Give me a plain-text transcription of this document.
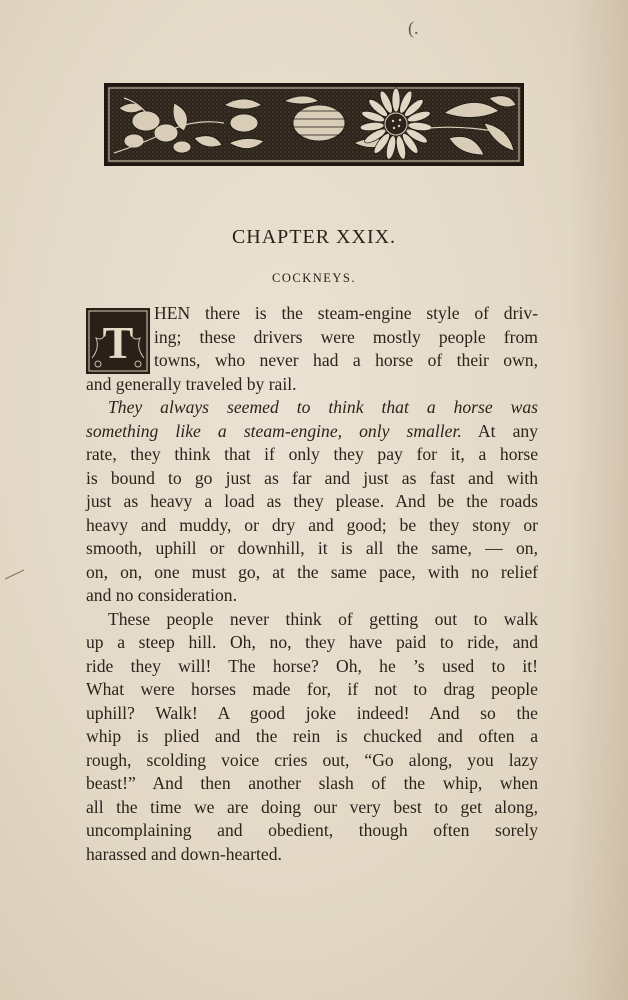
(.
CHAPTER XXIX.
COCKNEYS.
T
HEN there is the steam-engine style of driv-
ing; these drivers were mostly people from
towns, who never had a horse of their own,
and generally traveled by rail.
They always seemed to think that a horse was
something like a steam-engine, only smaller. At any
rate, they think that if only they pay for it, a horse
is bound to go just as far and just as fast and with
just as heavy a load as they please. And be the roads
heavy and muddy, or dry and good; be they stony or
smooth, uphill or downhill, it is all the same, — on,
on, on, one must go, at the same pace, with no relief
and no consideration.
These people never think of getting out to walk
up a steep hill. Oh, no, they have paid to ride, and
ride they will! The horse? Oh, he ’s used to it!
What were horses made for, if not to drag people
uphill? Walk! A good joke indeed! And so the
whip is plied and the rein is chucked and often a
rough, scolding voice cries out, “Go along, you lazy
beast!” And then another slash of the whip, when
all the time we are doing our very best to get along,
uncomplaining and obedient, though often sorely
harassed and down-hearted.
